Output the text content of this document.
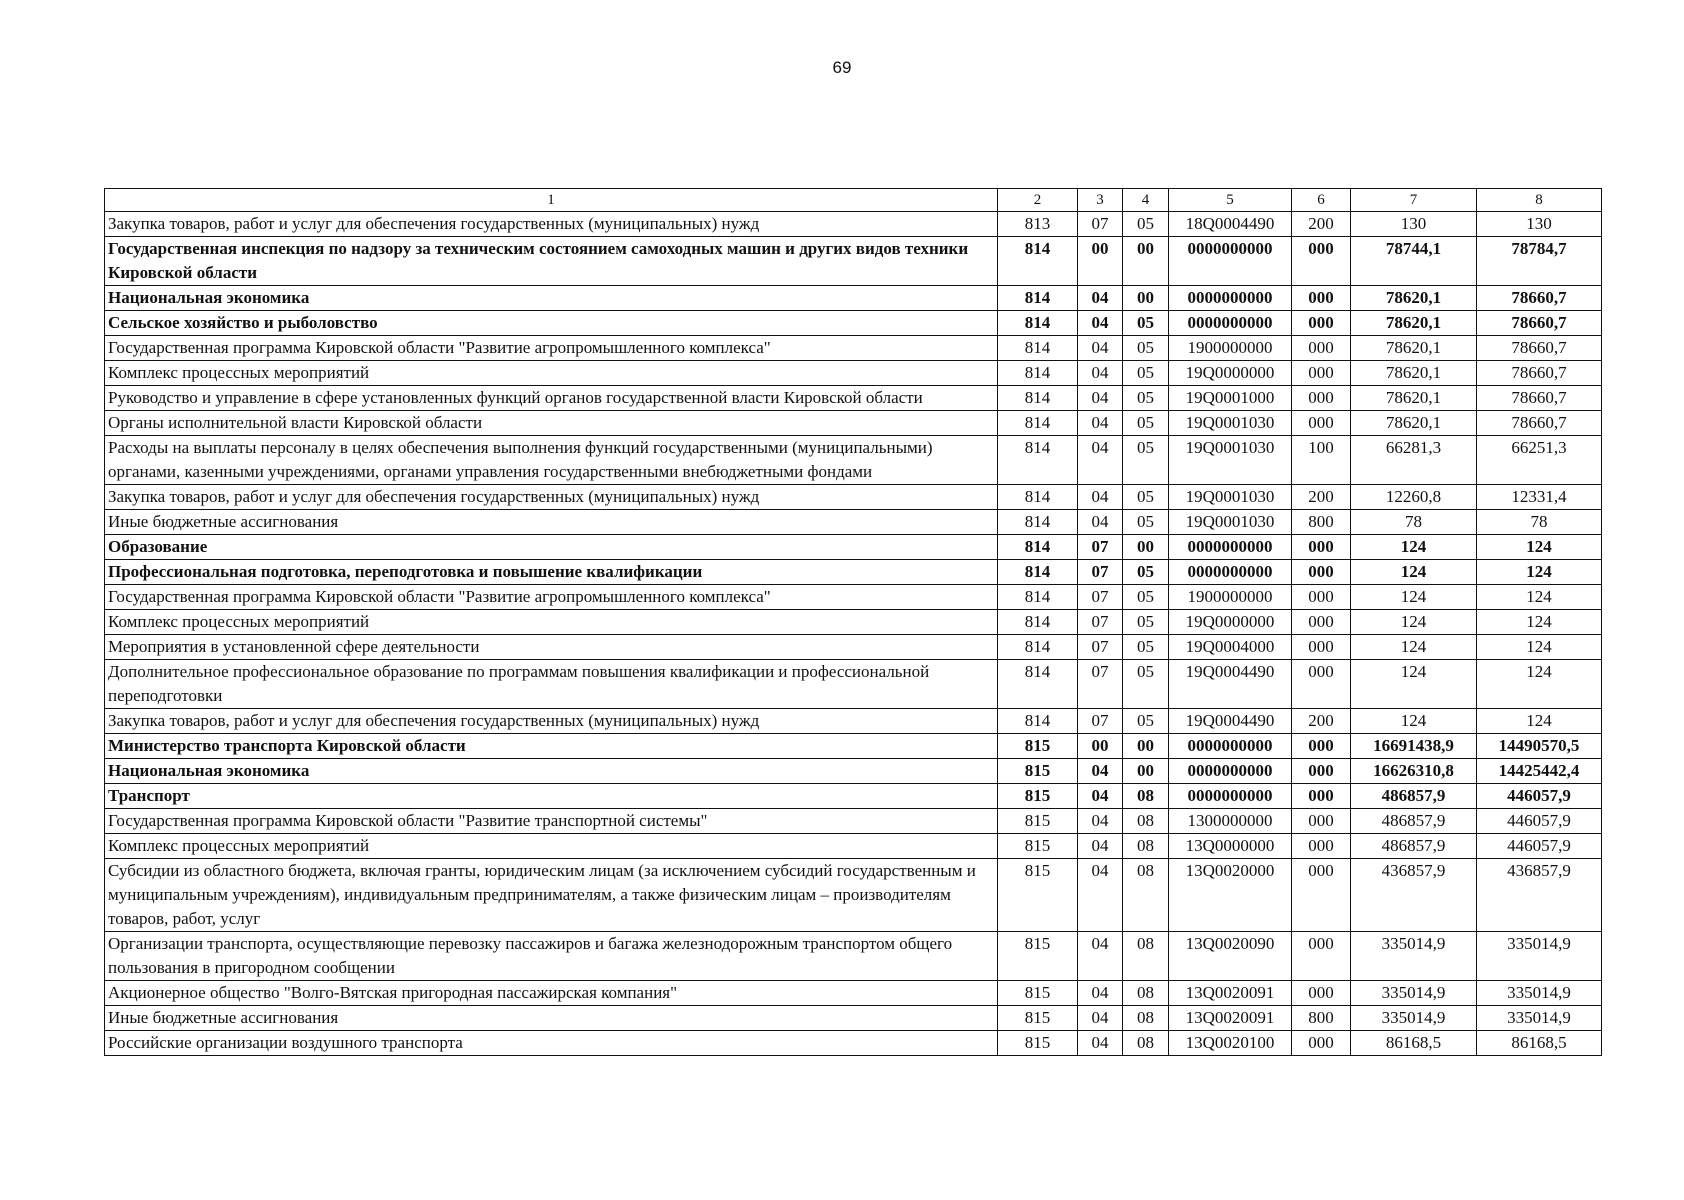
69
1	2	3	4	5	6	7	8
Закупка товаров, работ и услуг для обеспечения государственных (муниципальных) нужд	813	07	05	18Q0004490	200	130	130
Государственная инспекция по надзору за техническим состоянием самоходных машин и других видов техники Кировской области	814	00	00	0000000000	000	78744,1	78784,7
Национальная экономика	814	04	00	0000000000	000	78620,1	78660,7
Сельское хозяйство и рыболовство	814	04	05	0000000000	000	78620,1	78660,7
Государственная программа Кировской области "Развитие агропромышленного комплекса"	814	04	05	1900000000	000	78620,1	78660,7
Комплекс процессных мероприятий	814	04	05	19Q0000000	000	78620,1	78660,7
Руководство и управление в сфере установленных функций органов государственной власти Кировской области	814	04	05	19Q0001000	000	78620,1	78660,7
Органы исполнительной власти Кировской области	814	04	05	19Q0001030	000	78620,1	78660,7
Расходы на выплаты персоналу в целях обеспечения выполнения функций государственными (муниципальными) органами, казенными учреждениями, органами управления государственными внебюджетными фондами	814	04	05	19Q0001030	100	66281,3	66251,3
Закупка товаров, работ и услуг для обеспечения государственных (муниципальных) нужд	814	04	05	19Q0001030	200	12260,8	12331,4
Иные бюджетные ассигнования	814	04	05	19Q0001030	800	78	78
Образование	814	07	00	0000000000	000	124	124
Профессиональная подготовка, переподготовка и повышение квалификации	814	07	05	0000000000	000	124	124
Государственная программа Кировской области "Развитие агропромышленного комплекса"	814	07	05	1900000000	000	124	124
Комплекс процессных мероприятий	814	07	05	19Q0000000	000	124	124
Мероприятия в установленной сфере деятельности	814	07	05	19Q0004000	000	124	124
Дополнительное профессиональное образование по программам повышения квалификации и профессиональной переподготовки	814	07	05	19Q0004490	000	124	124
Закупка товаров, работ и услуг для обеспечения государственных (муниципальных) нужд	814	07	05	19Q0004490	200	124	124
Министерство транспорта Кировской области	815	00	00	0000000000	000	16691438,9	14490570,5
Национальная экономика	815	04	00	0000000000	000	16626310,8	14425442,4
Транспорт	815	04	08	0000000000	000	486857,9	446057,9
Государственная программа Кировской области "Развитие транспортной системы"	815	04	08	1300000000	000	486857,9	446057,9
Комплекс процессных мероприятий	815	04	08	13Q0000000	000	486857,9	446057,9
Субсидии из областного бюджета, включая гранты, юридическим лицам (за исключением субсидий государственным и муниципальным учреждениям), индивидуальным предпринимателям, а также физическим лицам – производителям товаров, работ, услуг	815	04	08	13Q0020000	000	436857,9	436857,9
Организации транспорта, осуществляющие перевозку пассажиров и багажа железнодорожным транспортом общего пользования в пригородном сообщении	815	04	08	13Q0020090	000	335014,9	335014,9
Акционерное общество "Волго-Вятская пригородная пассажирская компания"	815	04	08	13Q0020091	000	335014,9	335014,9
Иные бюджетные ассигнования	815	04	08	13Q0020091	800	335014,9	335014,9
Российские организации воздушного транспорта	815	04	08	13Q0020100	000	86168,5	86168,5
